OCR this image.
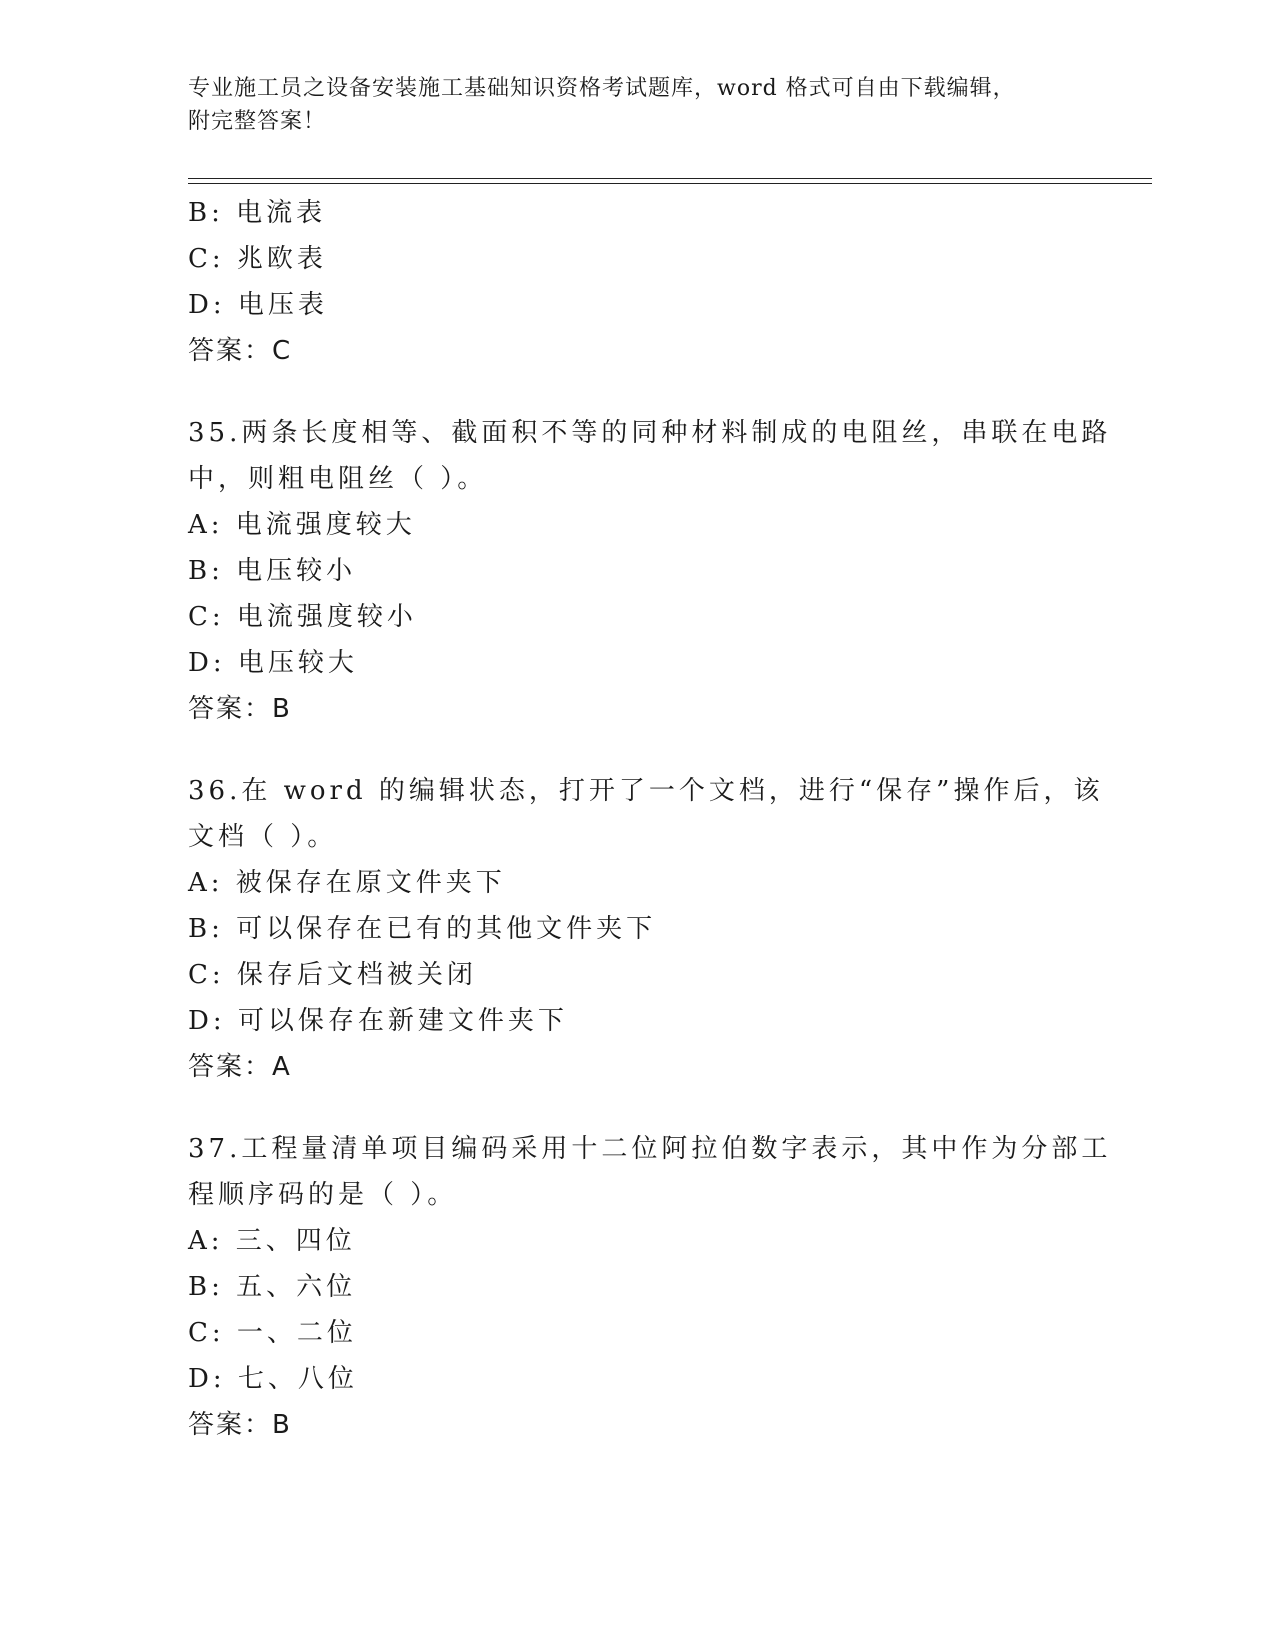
专业施工员之设备安装施工基础知识资格考试题库，word 格式可自由下载编辑，
附完整答案！
B: 电流表
C: 兆欧表
D: 电压表
答案：C
35.两条长度相等、截面积不等的同种材料制成的电阻丝，串联在电路
中，则粗电阻丝（ ）。
A: 电流强度较大
B: 电压较小
C: 电流强度较小
D: 电压较大
答案：B
36.在 word 的编辑状态，打开了一个文档，进行“保存”操作后，该
文档（ ）。
A: 被保存在原文件夹下
B: 可以保存在已有的其他文件夹下
C: 保存后文档被关闭
D: 可以保存在新建文件夹下
答案：A
37.工程量清单项目编码采用十二位阿拉伯数字表示，其中作为分部工
程顺序码的是（ ）。
A: 三、四位
B: 五、六位
C: 一、二位
D: 七、八位
答案：B
